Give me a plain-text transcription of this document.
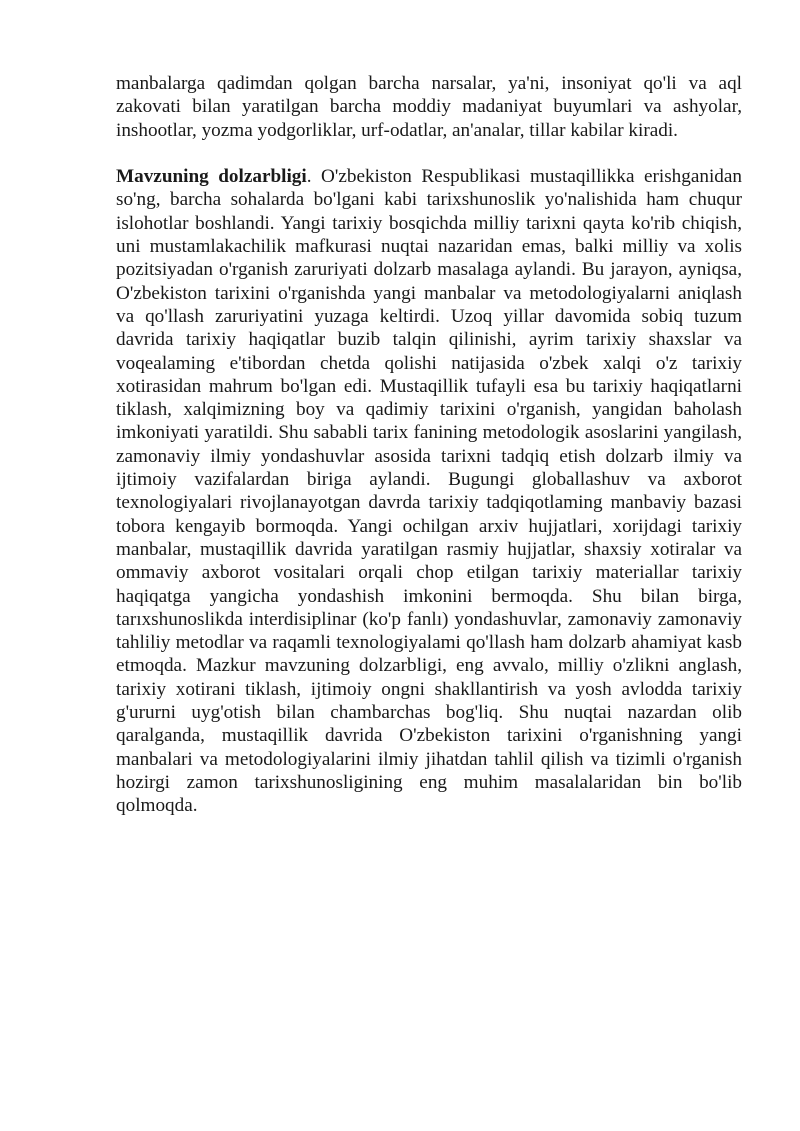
manbalarga qadimdan qolgan barcha narsalar, ya'ni, insoniyat qo'li va aql zakovati bilan yaratilgan barcha moddiy madaniyat buyumlari va ashyolar, inshootlar, yozma yodgorliklar, urf-odatlar, an'analar, tillar kabilar kiradi.

Mavzuning dolzarbligi. O'zbekiston Respublikasi mustaqillikka erishganidan so'ng, barcha sohalarda bo'lgani kabi tarixshunoslik yo'nalishida ham chuqur islohotlar boshlandi. Yangi tarixiy bosqichda milliy tarixni qayta ko'rib chiqish, uni mustamlakachilik mafkurasi nuqtai nazaridan emas, balki milliy va xolis pozitsiyadan o'rganish zaruriyati dolzarb masalaga aylandi. Bu jarayon, ayniqsa, O'zbekiston tarixini o'rganishda yangi manbalar va metodologiyalarni aniqlash va qo'llash zaruriyatini yuzaga keltirdi. Uzoq yillar davomida sobiq tuzum davrida tarixiy haqiqatlar buzib talqin qilinishi, ayrim tarixiy shaxslar va voqealaming e'tibordan chetda qolishi natijasida o'zbek xalqi o'z tarixiy xotirasidan mahrum bo'lgan edi. Mustaqillik tufayli esa bu tarixiy haqiqatlarni tiklash, xalqimizning boy va qadimiy tarixini o'rganish, yangidan baholash imkoniyati yaratildi. Shu sababli tarix fanining metodologik asoslarini yangilash, zamonaviy ilmiy yondashuvlar asosida tarixni tadqiq etish dolzarb ilmiy va ijtimoiy vazifalardan biriga aylandi. Bugungi globallashuv va axborot texnologiyalari rivojlanayotgan davrda tarixiy tadqiqotlaming manbaviy bazasi tobora kengayib bormoqda. Yangi ochilgan arxiv hujjatlari, xorijdagi tarixiy manbalar, mustaqillik davrida yaratilgan rasmiy hujjatlar, shaxsiy xotiralar va ommaviy axborot vositalari orqali chop etilgan tarixiy materiallar tarixiy haqiqatga yangicha yondashish imkonini bermoqda. Shu bilan birga, tarıxshunoslikda interdisiplinar (ko'p fanlı) yondashuvlar, zamonaviy zamonaviy tahliliy metodlar va raqamli texnologiyalami qo'llash ham dolzarb ahamiyat kasb etmoqda. Mazkur mavzuning dolzarbligi, eng avvalo, milliy o'zlikni anglash, tarixiy xotirani tiklash, ijtimoiy ongni shakllantirish va yosh avlodda tarixiy g'ururni uyg'otish bilan chambarchas bog'liq. Shu nuqtai nazardan olib qaralganda, mustaqillik davrida O'zbekiston tarixini o'rganishning yangi manbalari va metodologiyalarini ilmiy jihatdan tahlil qilish va tizimli o'rganish hozirgi zamon tarixshunosligining eng muhim masalalaridan bin bo'lib qolmoqda.
